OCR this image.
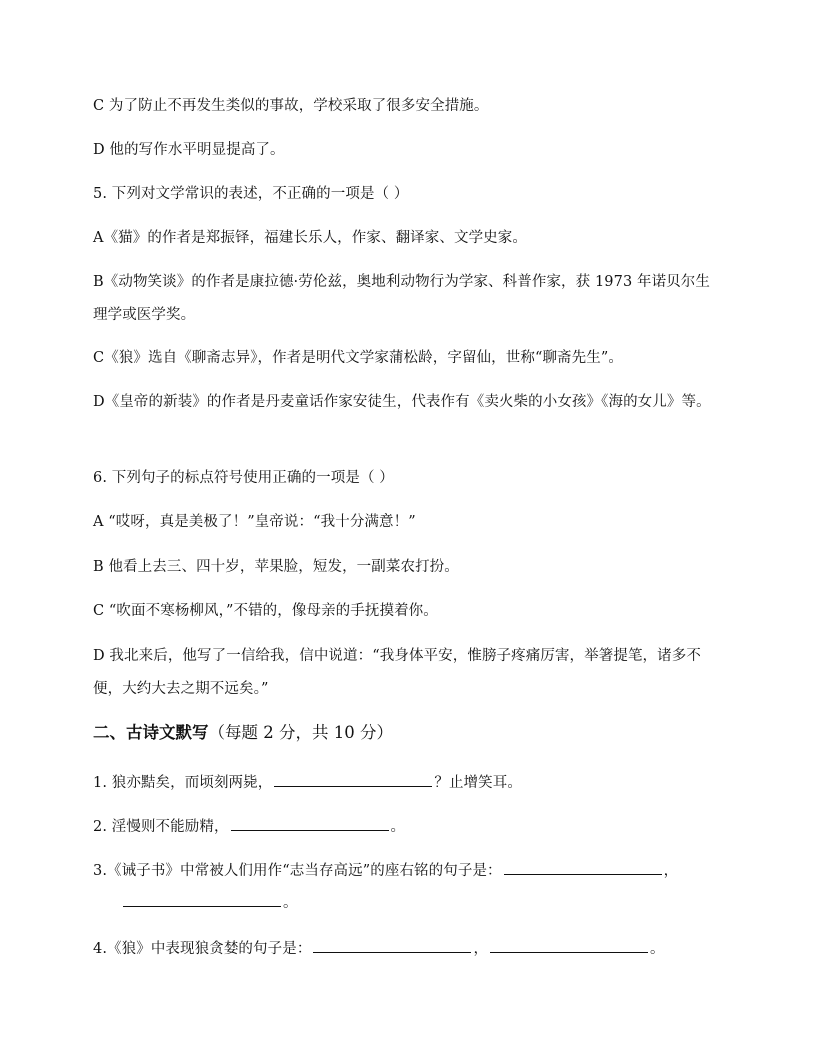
C 为了防止不再发生类似的事故，学校采取了很多安全措施。
D 他的写作水平明显提高了。
5. 下列对文学常识的表述，不正确的一项是（ ）
A《猫》的作者是郑振铎，福建长乐人，作家、翻译家、文学史家。
B《动物笑谈》的作者是康拉德·劳伦兹，奥地利动物行为学家、科普作家，获 1973 年诺贝尔生理学或医学奖。
C《狼》选自《聊斋志异》，作者是明代文学家蒲松龄，字留仙，世称“聊斋先生”。
D《皇帝的新装》的作者是丹麦童话作家安徒生，代表作有《卖火柴的小女孩》《海的女儿》等。
6. 下列句子的标点符号使用正确的一项是（ ）
A “哎呀，真是美极了！”皇帝说：“我十分满意！”
B 他看上去三、四十岁，苹果脸，短发，一副菜农打扮。
C “吹面不寒杨柳风，”不错的，像母亲的手抚摸着你。
D 我北来后，他写了一信给我，信中说道：“我身体平安，惟膀子疼痛厉害，举箸提笔，诸多不便，大约大去之期不远矣。”
二、古诗文默写（每题 2 分，共 10 分）
1. 狼亦黠矣，而顷刻两毙，	？止增笑耳。
2. 淫慢则不能励精，	。
3.《诫子书》中常被人们用作“志当存高远”的座右铭的句子是：	，
。
4.《狼》中表现狼贪婪的句子是：	，	。
